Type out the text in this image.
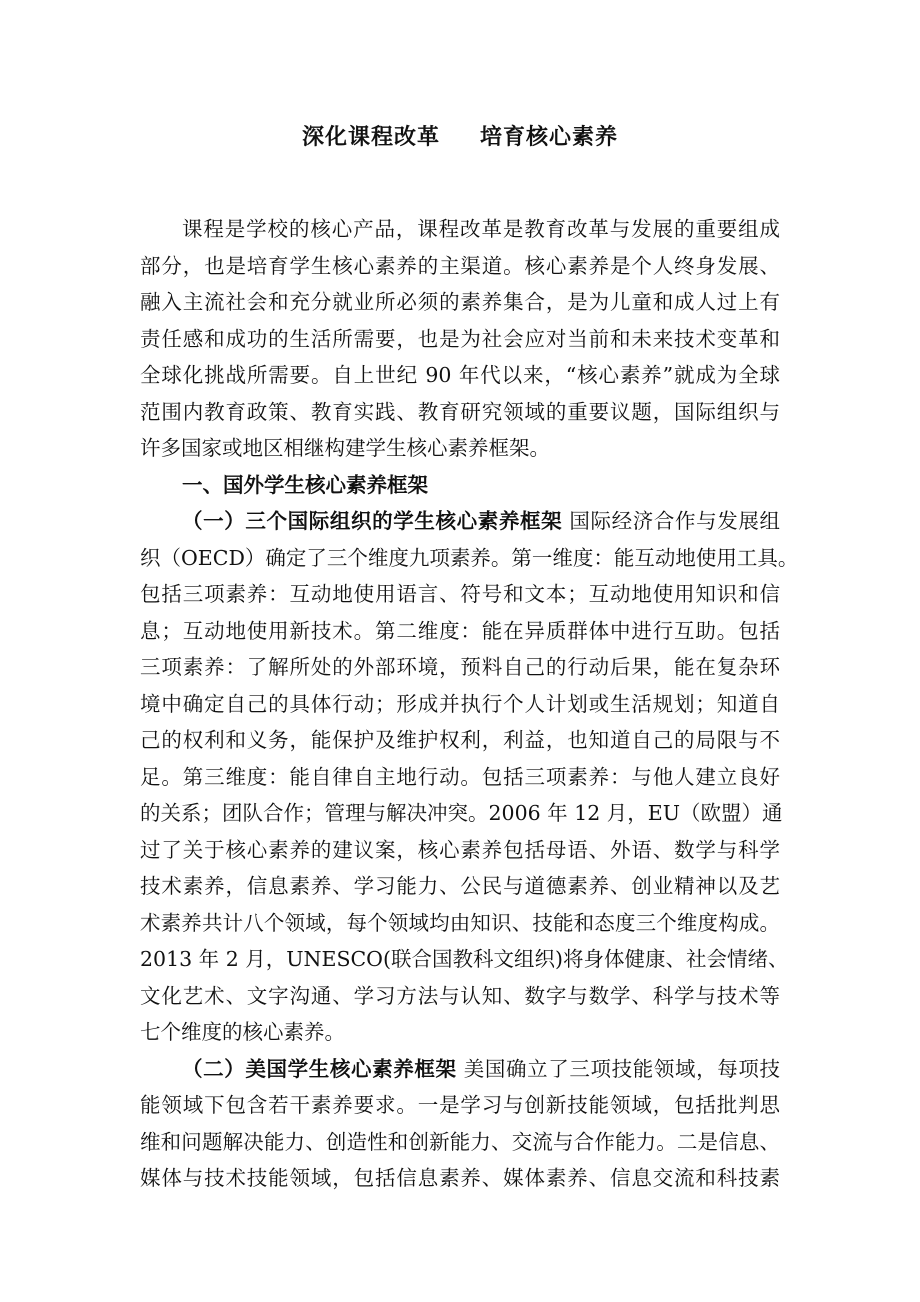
深化课程改革 培育核心素养
课程是学校的核心产品，课程改革是教育改革与发展的重要组成
部分，也是培育学生核心素养的主渠道。核心素养是个人终身发展、
融入主流社会和充分就业所必须的素养集合，是为儿童和成人过上有
责任感和成功的生活所需要，也是为社会应对当前和未来技术变革和
全球化挑战所需要。自上世纪 90 年代以来，“核心素养”就成为全球
范围内教育政策、教育实践、教育研究领域的重要议题，国际组织与
许多国家或地区相继构建学生核心素养框架。
一、国外学生核心素养框架
（一）三个国际组织的学生核心素养框架 国际经济合作与发展组
织（OECD）确定了三个维度九项素养。第一维度：能互动地使用工具。
包括三项素养：互动地使用语言、符号和文本；互动地使用知识和信
息；互动地使用新技术。第二维度：能在异质群体中进行互助。包括
三项素养：了解所处的外部环境，预料自己的行动后果，能在复杂环
境中确定自己的具体行动；形成并执行个人计划或生活规划；知道自
己的权利和义务，能保护及维护权利，利益，也知道自己的局限与不
足。第三维度：能自律自主地行动。包括三项素养：与他人建立良好
的关系；团队合作；管理与解决冲突。2006 年 12 月，EU（欧盟）通
过了关于核心素养的建议案，核心素养包括母语、外语、数学与科学
技术素养，信息素养、学习能力、公民与道德素养、创业精神以及艺
术素养共计八个领域，每个领域均由知识、技能和态度三个维度构成。
2013 年 2 月，UNESCO(联合国教科文组织)将身体健康、社会情绪、
文化艺术、文字沟通、学习方法与认知、数字与数学、科学与技术等
七个维度的核心素养。
（二）美国学生核心素养框架 美国确立了三项技能领域，每项技
能领域下包含若干素养要求。一是学习与创新技能领域，包括批判思
维和问题解决能力、创造性和创新能力、交流与合作能力。二是信息、
媒体与技术技能领域，包括信息素养、媒体素养、信息交流和科技素
